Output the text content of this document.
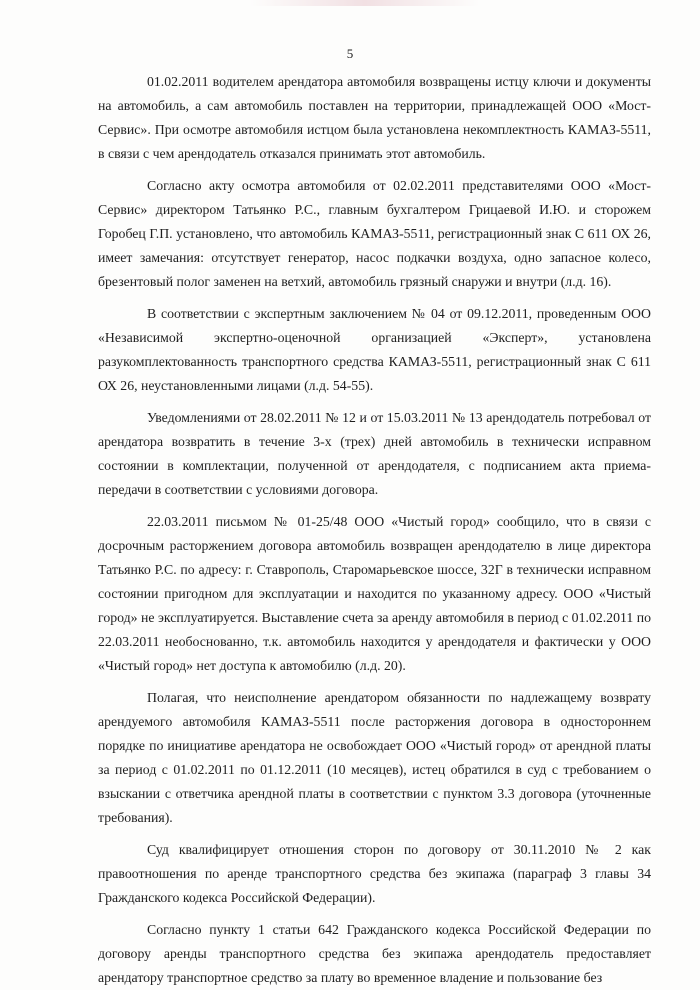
5

01.02.2011 водителем арендатора автомобиля возвращены истцу ключи и документы на автомобиль, а сам автомобиль поставлен на территории, принадлежащей ООО «Мост-Сервис». При осмотре автомобиля истцом была установлена некомплектность КАМАЗ-5511, в связи с чем арендодатель отказался принимать этот автомобиль.

Согласно акту осмотра автомобиля от 02.02.2011 представителями ООО «Мост-Сервис» директором Татьянко Р.С., главным бухгалтером Грицаевой И.Ю. и сторожем Горобец Г.П. установлено, что автомобиль КАМАЗ-5511, регистрационный знак С 611 ОХ 26, имеет замечания: отсутствует генератор, насос подкачки воздуха, одно запасное колесо, брезентовый полог заменен на ветхий, автомобиль грязный снаружи и внутри (л.д. 16).

В соответствии с экспертным заключением № 04 от 09.12.2011, проведенным ООО «Независимой экспертно-оценочной организацией «Эксперт», установлена разукомплектованность транспортного средства КАМАЗ-5511, регистрационный знак С 611 ОХ 26, неустановленными лицами (л.д. 54-55).

Уведомлениями от 28.02.2011 № 12 и от 15.03.2011 № 13 арендодатель потребовал от арендатора возвратить в течение 3-х (трех) дней автомобиль в технически исправном состоянии в комплектации, полученной от арендодателя, с подписанием акта приема-передачи в соответствии с условиями договора.

22.03.2011 письмом № 01-25/48 ООО «Чистый город» сообщило, что в связи с досрочным расторжением договора автомобиль возвращен арендодателю в лице директора Татьянко Р.С. по адресу: г. Ставрополь, Старомарьевское шоссе, 32Г в технически исправном состоянии пригодном для эксплуатации и находится по указанному адресу. ООО «Чистый город» не эксплуатируется. Выставление счета за аренду автомобиля в период с 01.02.2011 по 22.03.2011 необоснованно, т.к. автомобиль находится у арендодателя и фактически у ООО «Чистый город» нет доступа к автомобилю (л.д. 20).

Полагая, что неисполнение арендатором обязанности по надлежащему возврату арендуемого автомобиля КАМАЗ-5511 после расторжения договора в одностороннем порядке по инициативе арендатора не освобождает ООО «Чистый город» от арендной платы за период с 01.02.2011 по 01.12.2011 (10 месяцев), истец обратился в суд с требованием о взыскании с ответчика арендной платы в соответствии с пунктом 3.3 договора (уточненные требования).

Суд квалифицирует отношения сторон по договору от 30.11.2010 № 2 как правоотношения по аренде транспортного средства без экипажа (параграф 3 главы 34 Гражданского кодекса Российской Федерации).

Согласно пункту 1 статьи 642 Гражданского кодекса Российской Федерации по договору аренды транспортного средства без экипажа арендодатель предоставляет арендатору транспортное средство за плату во временное владение и пользование без
